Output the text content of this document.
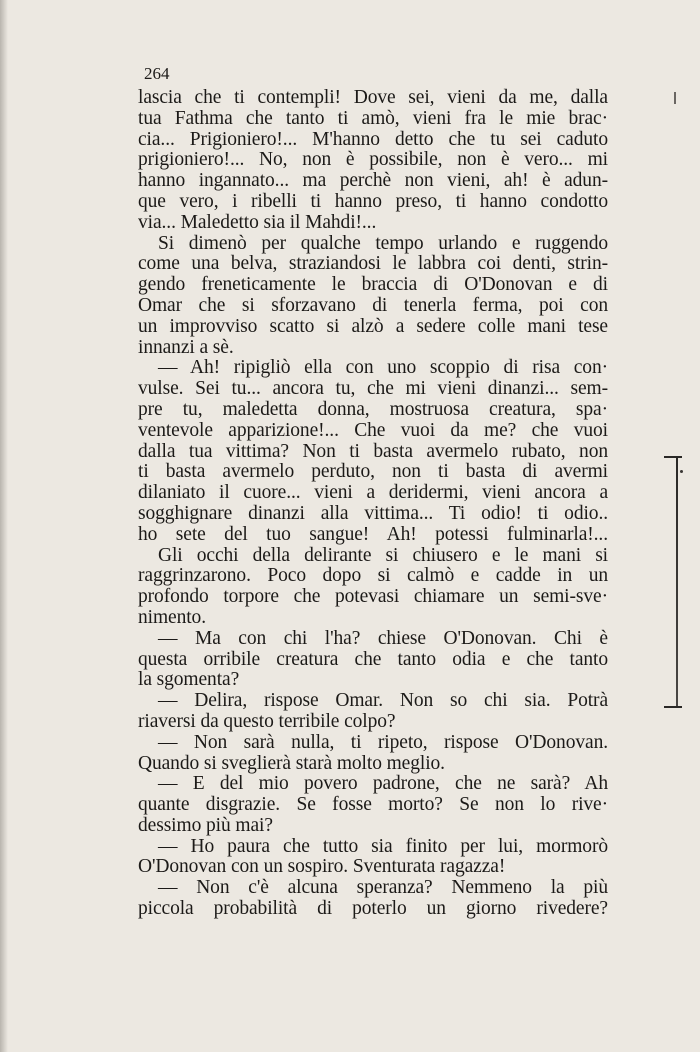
264
lascia che ti contempli! Dove sei, vieni da me, dalla
tua Fathma che tanto ti amò, vieni fra le mie brac·
cia... Prigioniero!... M'hanno detto che tu sei caduto
prigioniero!... No, non è possibile, non è vero... mi
hanno ingannato... ma perchè non vieni, ah! è adun-
que vero, i ribelli ti hanno preso, ti hanno condotto
via... Maledetto sia il Mahdi!...
Si dimenò per qualche tempo urlando e ruggendo
come una belva, straziandosi le labbra coi denti, strin-
gendo freneticamente le braccia di O'Donovan e di
Omar che si sforzavano di tenerla ferma, poi con
un improvviso scatto si alzò a sedere colle mani tese
innanzi a sè.
— Ah! ripigliò ella con uno scoppio di risa con·
vulse. Sei tu... ancora tu, che mi vieni dinanzi... sem-
pre tu, maledetta donna, mostruosa creatura, spa·
ventevole apparizione!... Che vuoi da me? che vuoi
dalla tua vittima? Non ti basta avermelo rubato, non
ti basta avermelo perduto, non ti basta di avermi
dilaniato il cuore... vieni a deridermi, vieni ancora a
sogghignare dinanzi alla vittima... Ti odio! ti odio..
ho sete del tuo sangue! Ah! potessi fulminarla!...
Gli occhi della delirante si chiusero e le mani si
raggrinzarono. Poco dopo si calmò e cadde in un
profondo torpore che potevasi chiamare un semi-sve·
nimento.
— Ma con chi l'ha? chiese O'Donovan. Chi è
questa orribile creatura che tanto odia e che tanto
la sgomenta?
— Delira, rispose Omar. Non so chi sia. Potrà
riaversi da questo terribile colpo?
— Non sarà nulla, ti ripeto, rispose O'Donovan.
Quando si sveglierà starà molto meglio.
— E del mio povero padrone, che ne sarà? Ah
quante disgrazie. Se fosse morto? Se non lo rive·
dessimo più mai?
— Ho paura che tutto sia finito per lui, mormorò
O'Donovan con un sospiro. Sventurata ragazza!
— Non c'è alcuna speranza? Nemmeno la più
piccola probabilità di poterlo un giorno rivedere?
